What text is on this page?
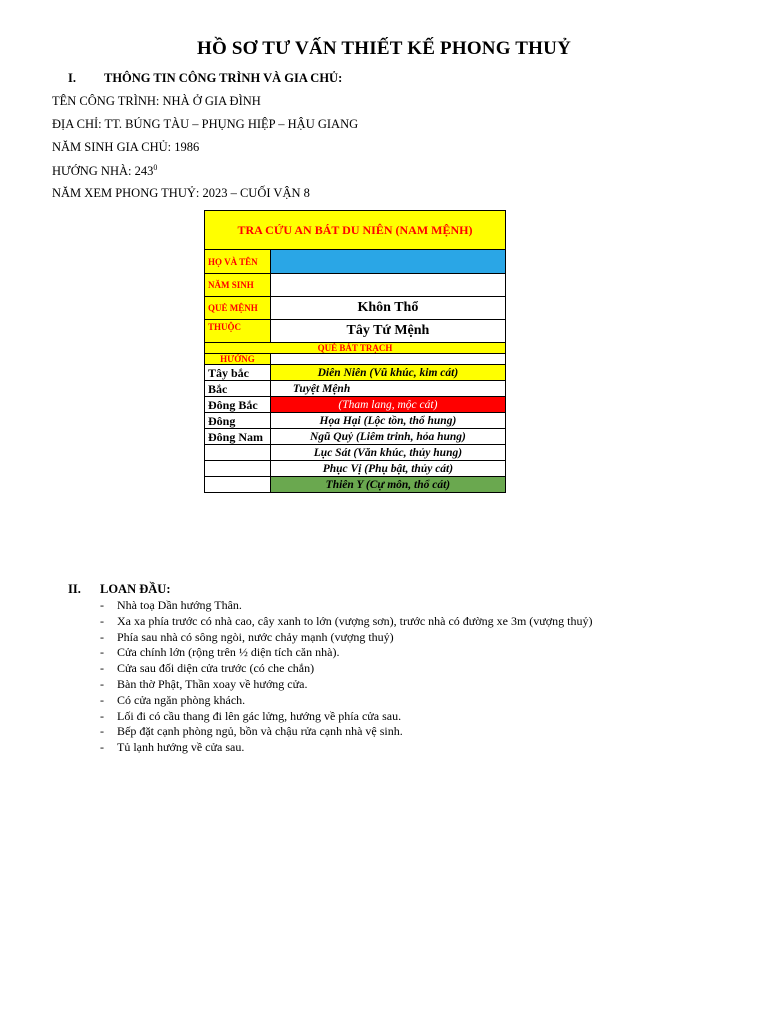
HỒ SƠ TƯ VẤN THIẾT KẾ PHONG THUỶ
I. THÔNG TIN CÔNG TRÌNH VÀ GIA CHỦ:
TÊN CÔNG TRÌNH: NHÀ Ở GIA ĐÌNH
ĐỊA CHỈ: TT. BÚNG TÀU – PHỤNG HIỆP – HẬU GIANG
NĂM SINH GIA CHỦ: 1986
HƯỚNG NHÀ: $243^0$
NĂM XEM PHONG THUỶ: 2023 – CUỐI VẬN 8
TRA CỨU AN BÁT DU NIÊN (NAM MỆNH)	
HỌ VÀ TÊN	
NĂM SINH	
QUẺ MỆNH	Khôn Thổ
THUỘC	Tây Tứ Mệnh
QUẺ BÁT TRẠCH	
HƯỚNG	
Tây bắc	Diên Niên (Vũ khúc, kim cát)
Bắc	Tuyệt Mệnh
Đông Bắc	(Tham lang, mộc cát)
Đông	Họa Hại (Lộc tồn, thổ hung)
Đông Nam	Ngũ Quỷ (Liêm trinh, hỏa hung)
	Lục Sát (Văn khúc, thủy hung)
	Phục Vị (Phụ bật, thủy cát)
	Thiên Y (Cự môn, thổ cát)
II. LOAN ĐẦU:
- Nhà toạ Dần hướng Thân.
- Xa xa phía trước có nhà cao, cây xanh to lớn (vượng sơn), trước nhà có đường xe 3m (vượng thuỷ)
- Phía sau nhà có sông ngòi, nước chảy mạnh (vượng thuỷ)
- Cửa chính lớn (rộng trên ½ diện tích căn nhà).
- Cửa sau đối diện cửa trước (có che chắn)
- Bàn thờ Phật, Thần xoay về hướng cửa.
- Có cửa ngăn phòng khách.
- Lối đi có cầu thang đi lên gác lửng, hướng về phía cửa sau.
- Bếp đặt cạnh phòng ngủ, bồn và chậu rửa cạnh nhà vệ sinh.
- Tủ lạnh hướng về cửa sau.
